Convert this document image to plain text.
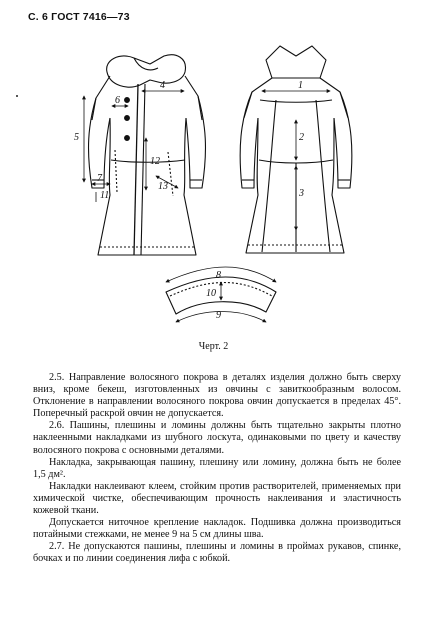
С. 6 ГОСТ 7416—73
1
2
3
4
5
6
7
8
9
10
11
12
13
Черт. 2

2.5. Направление волосяного покрова в деталях изделия должно быть сверху вниз, кроме бекеш, изготовленных из овчины с завиткообразным волосом. Отклонение в направлении волосяного покрова овчин допускается в пределах 45°. Поперечный раскрой овчин не допускается.

2.6. Пашины, плешины и ломины должны быть тщательно закрыты плотно наклеенными накладками из шубного лоскута, одинаковыми по цвету и качеству волосяного покрова с основными деталями.

Накладка, закрывающая пашину, плешину или ломину, должна быть не более 1,5 дм².

Накладки наклеивают клеем, стойким против растворителей, применяемых при химической чистке, обеспечивающим прочность наклеивания и эластичность кожевой ткани.

Допускается ниточное крепление накладок. Подшивка должна производиться потайными стежками, не менее 9 на 5 см длины шва.

2.7. Не допускаются пашины, плешины и ломины в проймах рукавов, спинке, бочках и по линии соединения лифа с юбкой.
